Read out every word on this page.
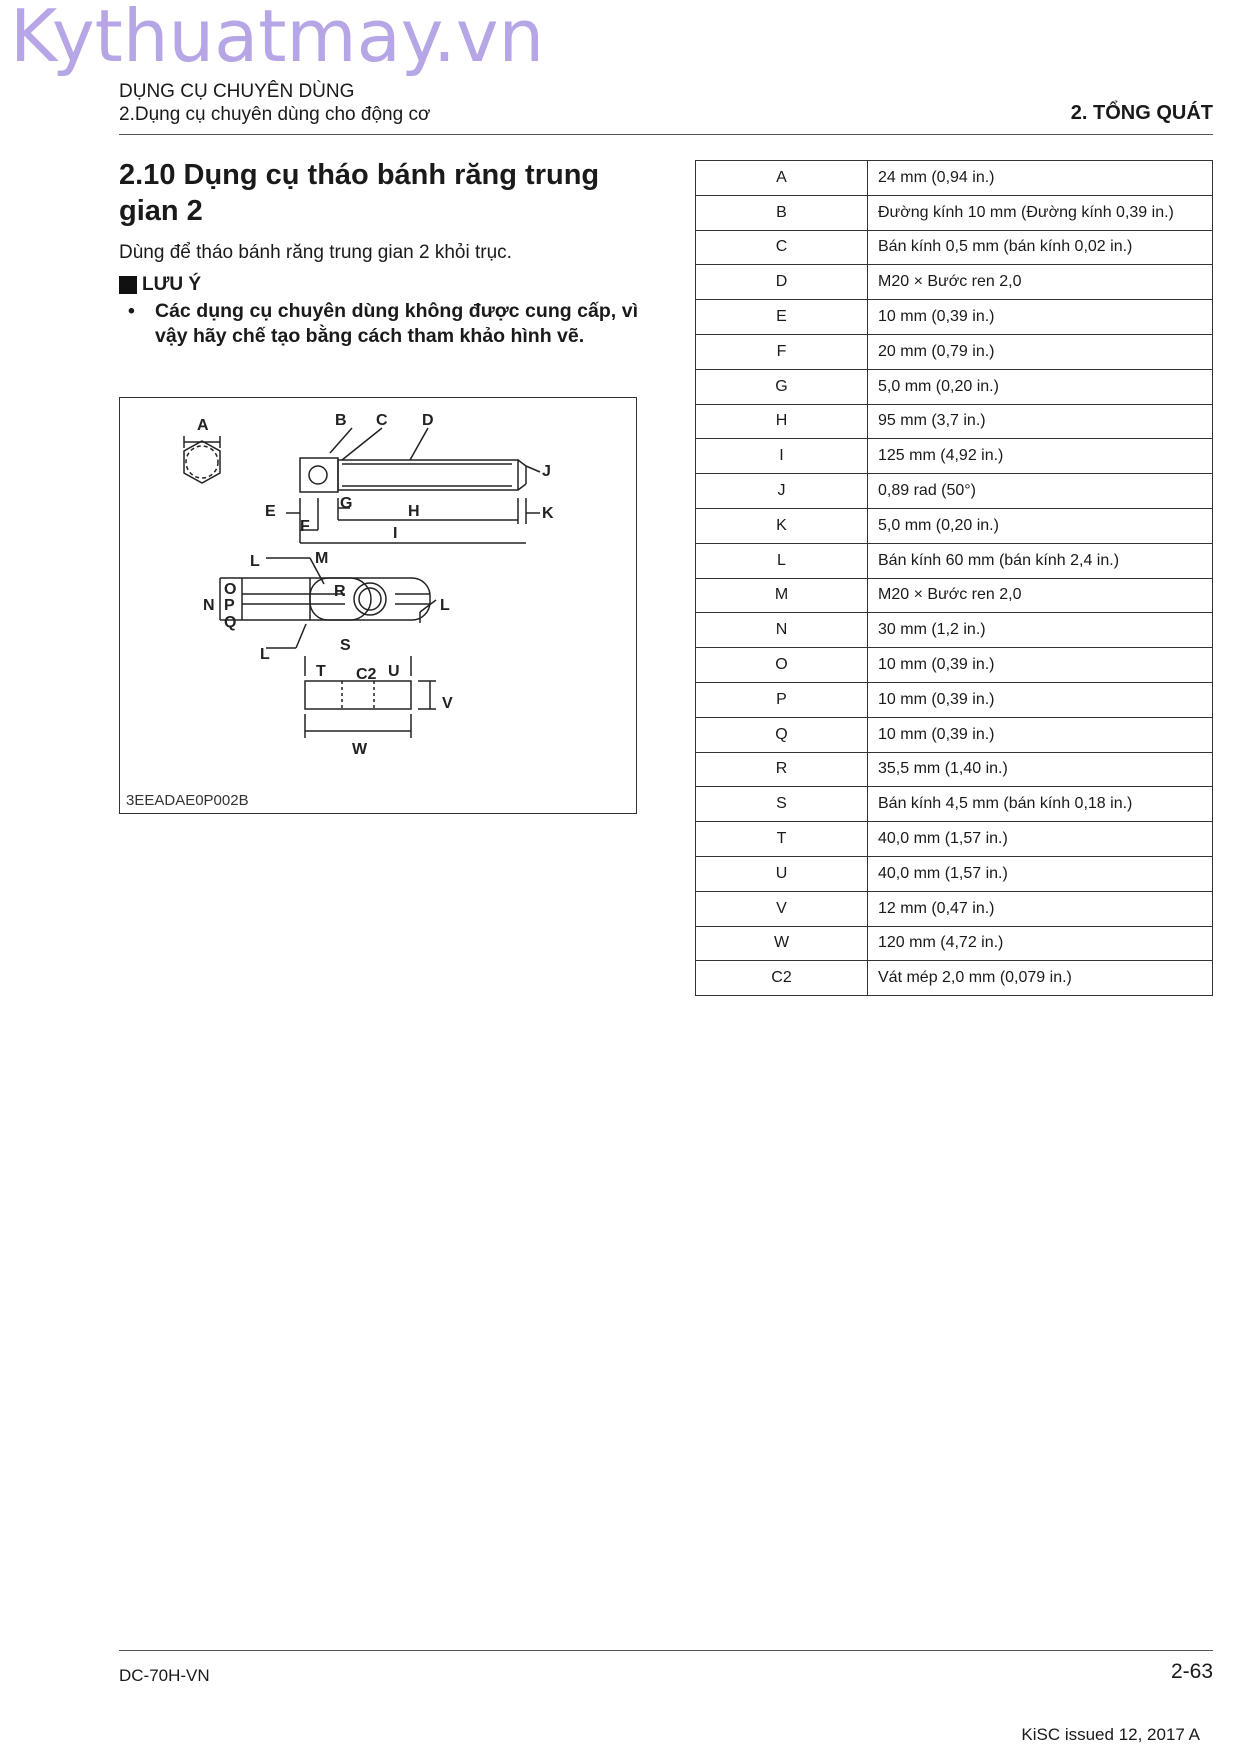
Kythuatmay.vn
DỤNG CỤ CHUYÊN DÙNG
2.Dụng cụ chuyên dùng cho động cơ	2. TỔNG QUÁT
2.10 Dụng cụ tháo bánh răng trung gian 2
Dùng để tháo bánh răng trung gian 2 khỏi trục.
LƯU Ý
•	Các dụng cụ chuyên dùng không được cung cấp, vì vậy hãy chế tạo bằng cách tham khảo hình vẽ.
A	B C D
E
F
G	H
I
J
K
L	M
N
O
P
Q
R
L
L
S
T C2 U
V
W
3EEADAE0P002B
A	24 mm (0,94 in.)
B	Đường kính 10 mm (Đường kính 0,39 in.)
C	Bán kính 0,5 mm (bán kính 0,02 in.)
D	M20 × Bước ren 2,0
E	10 mm (0,39 in.)
F	20 mm (0,79 in.)
G	5,0 mm (0,20 in.)
H	95 mm (3,7 in.)
I	125 mm (4,92 in.)
J	0,89 rad (50°)
K	5,0 mm (0,20 in.)
L	Bán kính 60 mm (bán kính 2,4 in.)
M	M20 × Bước ren 2,0
N	30 mm (1,2 in.)
O	10 mm (0,39 in.)
P	10 mm (0,39 in.)
Q	10 mm (0,39 in.)
R	35,5 mm (1,40 in.)
S	Bán kính 4,5 mm (bán kính 0,18 in.)
T	40,0 mm (1,57 in.)
U	40,0 mm (1,57 in.)
V	12 mm (0,47 in.)
W	120 mm (4,72 in.)
C2	Vát mép 2,0 mm (0,079 in.)
DC-70H-VN	2-63
KiSC issued 12, 2017 A
